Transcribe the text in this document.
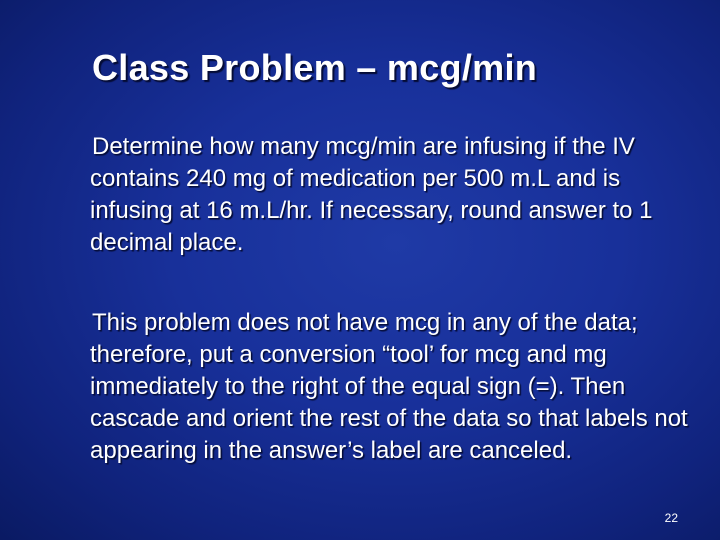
Class Problem – mcg/min

Determine how many mcg/min are infusing if the IV contains 240 mg of medication per 500 m.L and is infusing at 16 m.L/hr. If necessary, round answer to 1 decimal place.

This problem does not have mcg in any of the data; therefore, put a conversion “tool’ for mcg and mg immediately to the right of the equal sign (=). Then cascade and orient the rest of the data so that labels not appearing in the answer’s label are canceled.

22
